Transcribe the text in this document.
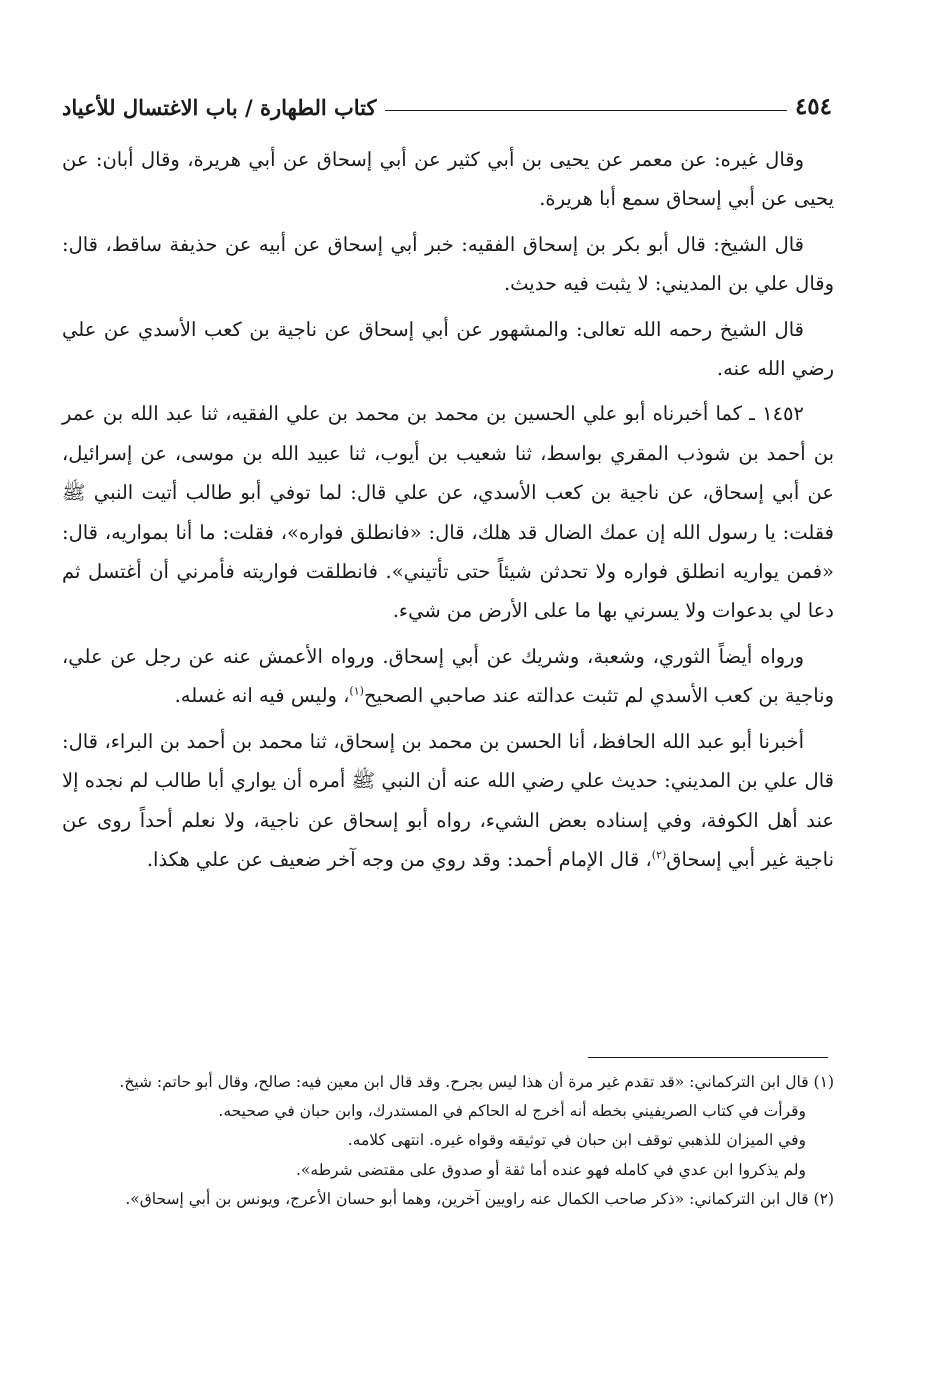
٤٥٤
كتاب الطهارة / باب الاغتسال للأعياد

وقال غيره: عن معمر عن يحيى بن أبي كثير عن أبي إسحاق عن أبي هريرة، وقال أبان: عن يحيى عن أبي إسحاق سمع أبا هريرة.

قال الشيخ: قال أبو بكر بن إسحاق الفقيه: خبر أبي إسحاق عن أبيه عن حذيفة ساقط، قال: وقال علي بن المديني: لا يثبت فيه حديث.

قال الشيخ رحمه الله تعالى: والمشهور عن أبي إسحاق عن ناجية بن كعب الأسدي عن علي رضي الله عنه.

١٤٥٢ ـ كما أخبرناه أبو علي الحسين بن محمد بن محمد بن علي الفقيه، ثنا عبد الله بن عمر بن أحمد بن شوذب المقري بواسط، ثنا شعيب بن أيوب، ثنا عبيد الله بن موسى، عن إسرائيل، عن أبي إسحاق، عن ناجية بن كعب الأسدي، عن علي قال: لما توفي أبو طالب أتيت النبي ﷺ فقلت: يا رسول الله إن عمك الضال قد هلك، قال: «فانطلق فواره»، فقلت: ما أنا بمواريه، قال: «فمن يواريه انطلق فواره ولا تحدثن شيئاً حتى تأتيني». فانطلقت فواريته فأمرني أن أغتسل ثم دعا لي بدعوات ولا يسرني بها ما على الأرض من شيء.

ورواه أيضاً الثوري، وشعبة، وشريك عن أبي إسحاق. ورواه الأعمش عنه عن رجل عن علي، وناجية بن كعب الأسدي لم تثبت عدالته عند صاحبي الصحيح$^{(١)}$، وليس فيه انه غسله.

أخبرنا أبو عبد الله الحافظ، أنا الحسن بن محمد بن إسحاق، ثنا محمد بن أحمد بن البراء، قال: قال علي بن المديني: حديث علي رضي الله عنه أن النبي ﷺ أمره أن يواري أبا طالب لم نجده إلا عند أهل الكوفة، وفي إسناده بعض الشيء، رواه أبو إسحاق عن ناجية، ولا نعلم أحداً روى عن ناجية غير أبي إسحاق$^{(٢)}$، قال الإمام أحمد: وقد روي من وجه آخر ضعيف عن علي هكذا.

(١) قال ابن التركماني: «قد تقدم غير مرة أن هذا ليس بجرح. وقد قال ابن معين فيه: صالح، وقال أبو حاتم: شيخ.

وقرأت في كتاب الصريفيني بخطه أنه أخرج له الحاكم في المستدرك، وابن حبان في صحيحه.

وفي الميزان للذهبي توقف ابن حبان في توثيقه وقواه غيره. انتهى كلامه.

ولم يذكروا ابن عدي في كامله فهو عنده أما ثقة أو صدوق على مقتضى شرطه».

(٢) قال ابن التركماني: «ذكر صاحب الكمال عنه راويين آخرين، وهما أبو حسان الأعرج، ويونس بن أبي إسحاق».
